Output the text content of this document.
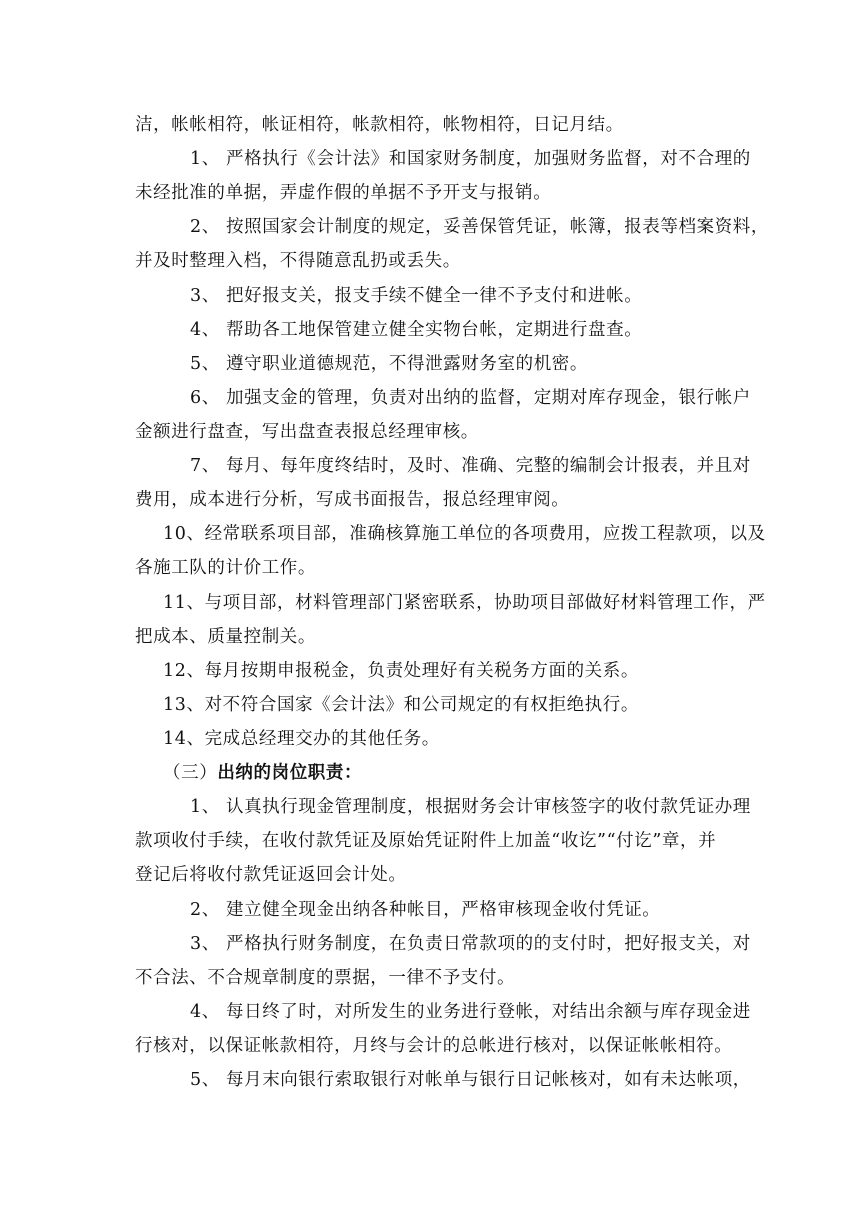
洁，帐帐相符，帐证相符，帐款相符，帐物相符，日记月结。
1、 严格执行《会计法》和国家财务制度，加强财务监督，对不合理的
未经批准的单据，弄虚作假的单据不予开支与报销。
2、 按照国家会计制度的规定，妥善保管凭证，帐簿，报表等档案资料，
并及时整理入档，不得随意乱扔或丢失。
3、 把好报支关，报支手续不健全一律不予支付和进帐。
4、 帮助各工地保管建立健全实物台帐，定期进行盘查。
5、 遵守职业道德规范，不得泄露财务室的机密。
6、 加强支金的管理，负责对出纳的监督，定期对库存现金，银行帐户
金额进行盘查，写出盘查表报总经理审核。
7、 每月、每年度终结时，及时、准确、完整的编制会计报表，并且对
费用，成本进行分析，写成书面报告，报总经理审阅。
10、经常联系项目部，准确核算施工单位的各项费用，应拨工程款项，以及
各施工队的计价工作。
11、与项目部，材料管理部门紧密联系，协助项目部做好材料管理工作，严
把成本、质量控制关。
12、每月按期申报税金，负责处理好有关税务方面的关系。
13、对不符合国家《会计法》和公司规定的有权拒绝执行。
14、完成总经理交办的其他任务。
（三）出纳的岗位职责：
1、 认真执行现金管理制度，根据财务会计审核签字的收付款凭证办理
款项收付手续，在收付款凭证及原始凭证附件上加盖“收讫”“付讫”章，并
登记后将收付款凭证返回会计处。
2、 建立健全现金出纳各种帐目，严格审核现金收付凭证。
3、 严格执行财务制度，在负责日常款项的的支付时，把好报支关，对
不合法、不合规章制度的票据，一律不予支付。
4、 每日终了时，对所发生的业务进行登帐，对结出余额与库存现金进
行核对，以保证帐款相符，月终与会计的总帐进行核对，以保证帐帐相符。
5、 每月末向银行索取银行对帐单与银行日记帐核对，如有未达帐项，
